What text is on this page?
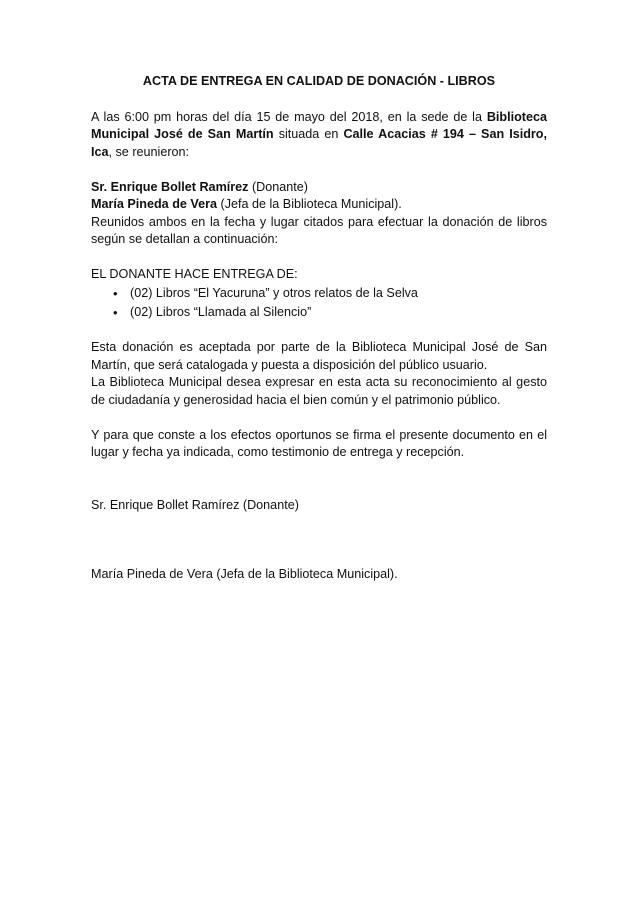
ACTA DE ENTREGA EN CALIDAD DE DONACIÓN - LIBROS

A las 6:00 pm horas del día 15 de mayo del 2018, en la sede de la Biblioteca Municipal José de San Martín situada en Calle Acacias # 194 – San Isidro, Ica, se reunieron:

Sr. Enrique Bollet Ramírez (Donante)

María Pineda de Vera (Jefa de la Biblioteca Municipal).

Reunidos ambos en la fecha y lugar citados para efectuar la donación de libros según se detallan a continuación:

EL DONANTE HACE ENTREGA DE:

• (02) Libros “El Yacuruna” y otros relatos de la Selva
• (02) Libros “Llamada al Silencio”

Esta donación es aceptada por parte de la Biblioteca Municipal José de San Martín, que será catalogada y puesta a disposición del público usuario.

La Biblioteca Municipal desea expresar en esta acta su reconocimiento al gesto de ciudadanía y generosidad hacia el bien común y el patrimonio público.

Y para que conste a los efectos oportunos se firma el presente documento en el lugar y fecha ya indicada, como testimonio de entrega y recepción.

Sr. Enrique Bollet Ramírez (Donante)

María Pineda de Vera (Jefa de la Biblioteca Municipal).
